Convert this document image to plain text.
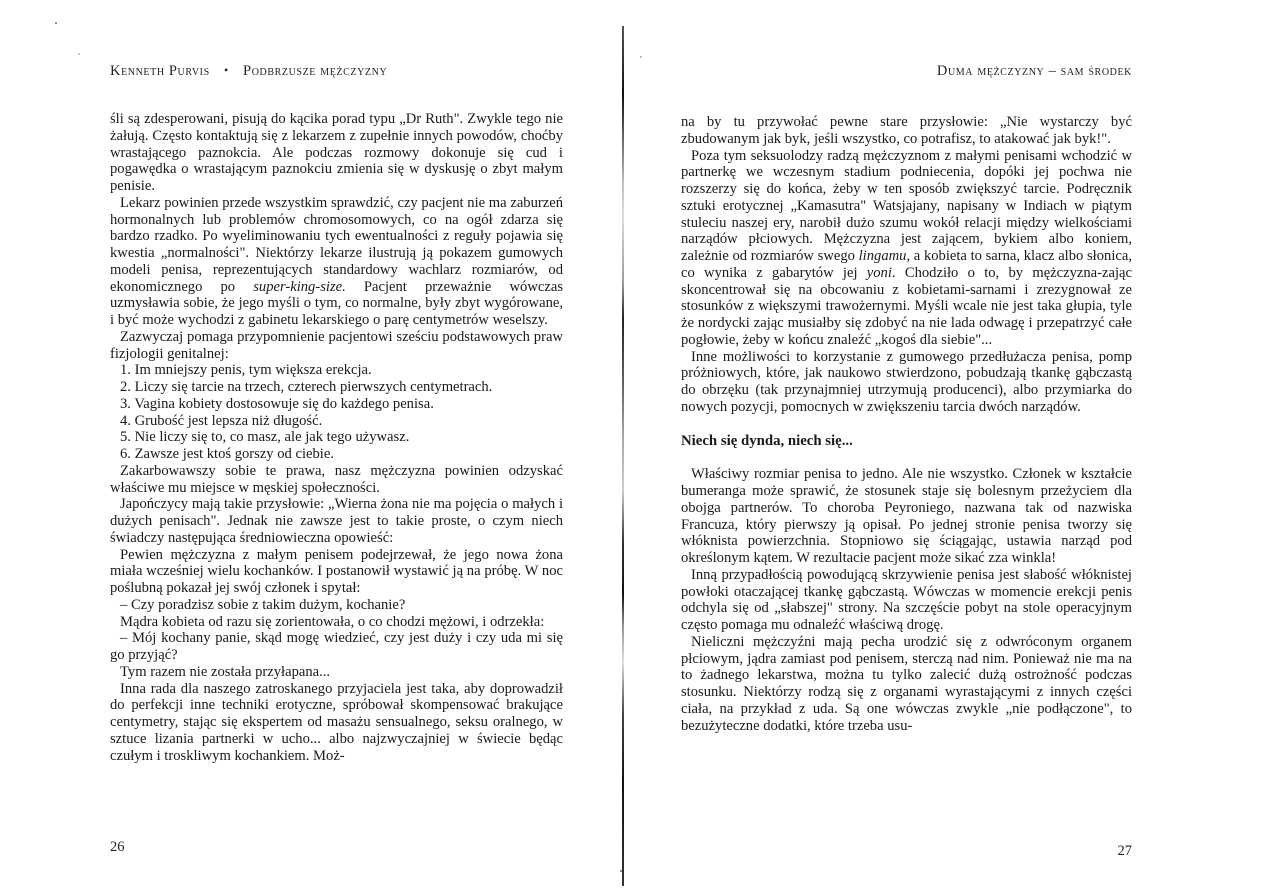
Kenneth Purvis • Podbrzusze mężczyzny

śli są zdesperowani, pisują do kącika porad typu „Dr Ruth". Zwykle tego nie żałują. Często kontaktują się z lekarzem z zupełnie innych powodów, choćby wrastającego paznokcia. Ale podczas rozmowy dokonuje się cud i pogawędka o wrastającym paznokciu zmienia się w dyskusję o zbyt małym penisie.

Lekarz powinien przede wszystkim sprawdzić, czy pacjent nie ma zaburzeń hormonalnych lub problemów chromosomowych, co na ogół zdarza się bardzo rzadko. Po wyeliminowaniu tych ewentualności z reguły pojawia się kwestia „normalności". Niektórzy lekarze ilustrują ją pokazem gumowych modeli penisa, reprezentujących standardowy wachlarz rozmiarów, od ekonomicznego po super-king-size. Pacjent przeważnie wówczas uzmysławia sobie, że jego myśli o tym, co normalne, były zbyt wygórowane, i być może wychodzi z gabinetu lekarskiego o parę centymetrów weselszy.

Zazwyczaj pomaga przypomnienie pacjentowi sześciu podstawowych praw fizjologii genitalnej:

1. Im mniejszy penis, tym większa erekcja.
2. Liczy się tarcie na trzech, czterech pierwszych centymetrach.
3. Vagina kobiety dostosowuje się do każdego penisa.
4. Grubość jest lepsza niż długość.
5. Nie liczy się to, co masz, ale jak tego używasz.
6. Zawsze jest ktoś gorszy od ciebie.

Zakarbowawszy sobie te prawa, nasz mężczyzna powinien odzyskać właściwe mu miejsce w męskiej społeczności.

Japończycy mają takie przysłowie: „Wierna żona nie ma pojęcia o małych i dużych penisach". Jednak nie zawsze jest to takie proste, o czym niech świadczy następująca średniowieczna opowieść:

Pewien mężczyzna z małym penisem podejrzewał, że jego nowa żona miała wcześniej wielu kochanków. I postanowił wystawić ją na próbę. W noc poślubną pokazał jej swój członek i spytał:

– Czy poradzisz sobie z takim dużym, kochanie?

Mądra kobieta od razu się zorientowała, o co chodzi mężowi, i odrzekła:

– Mój kochany panie, skąd mogę wiedzieć, czy jest duży i czy uda mi się go przyjąć?

Tym razem nie została przyłapana...

Inna rada dla naszego zatroskanego przyjaciela jest taka, aby doprowadził do perfekcji inne techniki erotyczne, spróbował skompensować brakujące centymetry, stając się ekspertem od masażu sensualnego, seksu oralnego, w sztuce lizania partnerki w ucho... albo najzwyczajniej w świecie będąc czułym i troskliwym kochankiem. Moż-

26
Duma mężczyzny – sam środek

na by tu przywołać pewne stare przysłowie: „Nie wystarczy być zbudowanym jak byk, jeśli wszystko, co potrafisz, to atakować jak byk!".

Poza tym seksuolodzy radzą mężczyznom z małymi penisami wchodzić w partnerkę we wczesnym stadium podniecenia, dopóki jej pochwa nie rozszerzy się do końca, żeby w ten sposób zwiększyć tarcie. Podręcznik sztuki erotycznej „Kamasutra" Watsjajany, napisany w Indiach w piątym stuleciu naszej ery, narobił dużo szumu wokół relacji między wielkościami narządów płciowych. Mężczyzna jest zającem, bykiem albo koniem, zależnie od rozmiarów swego lingamu, a kobieta to sarna, klacz albo słonica, co wynika z gabarytów jej yoni. Chodziło o to, by mężczyzna-zając skoncentrował się na obcowaniu z kobietami-sarnami i zrezygnował ze stosunków z większymi trawożernymi. Myśli wcale nie jest taka głupia, tyle że nordycki zając musiałby się zdobyć na nie lada odwagę i przepatrzyć całe pogłowie, żeby w końcu znaleźć „kogoś dla siebie"...

Inne możliwości to korzystanie z gumowego przedłużacza penisa, pomp próżniowych, które, jak naukowo stwierdzono, pobudzają tkankę gąbczastą do obrzęku (tak przynajmniej utrzymują producenci), albo przymiarka do nowych pozycji, pomocnych w zwiększeniu tarcia dwóch narządów.

Niech się dynda, niech się...

Właściwy rozmiar penisa to jedno. Ale nie wszystko. Członek w kształcie bumeranga może sprawić, że stosunek staje się bolesnym przeżyciem dla obojga partnerów. To choroba Peyroniego, nazwana tak od nazwiska Francuza, który pierwszy ją opisał. Po jednej stronie penisa tworzy się włóknista powierzchnia. Stopniowo się ściągając, ustawia narząd pod określonym kątem. W rezultacie pacjent może sikać zza winkla!

Inną przypadłością powodującą skrzywienie penisa jest słabość włóknistej powłoki otaczającej tkankę gąbczastą. Wówczas w momencie erekcji penis odchyla się od „słabszej" strony. Na szczęście pobyt na stole operacyjnym często pomaga mu odnaleźć właściwą drogę.

Nieliczni mężczyźni mają pecha urodzić się z odwróconym organem płciowym, jądra zamiast pod penisem, sterczą nad nim. Ponieważ nie ma na to żadnego lekarstwa, można tu tylko zalecić dużą ostrożność podczas stosunku. Niektórzy rodzą się z organami wyrastającymi z innych części ciała, na przykład z uda. Są one wówczas zwykle „nie podłączone", to bezużyteczne dodatki, które trzeba usu-

27
